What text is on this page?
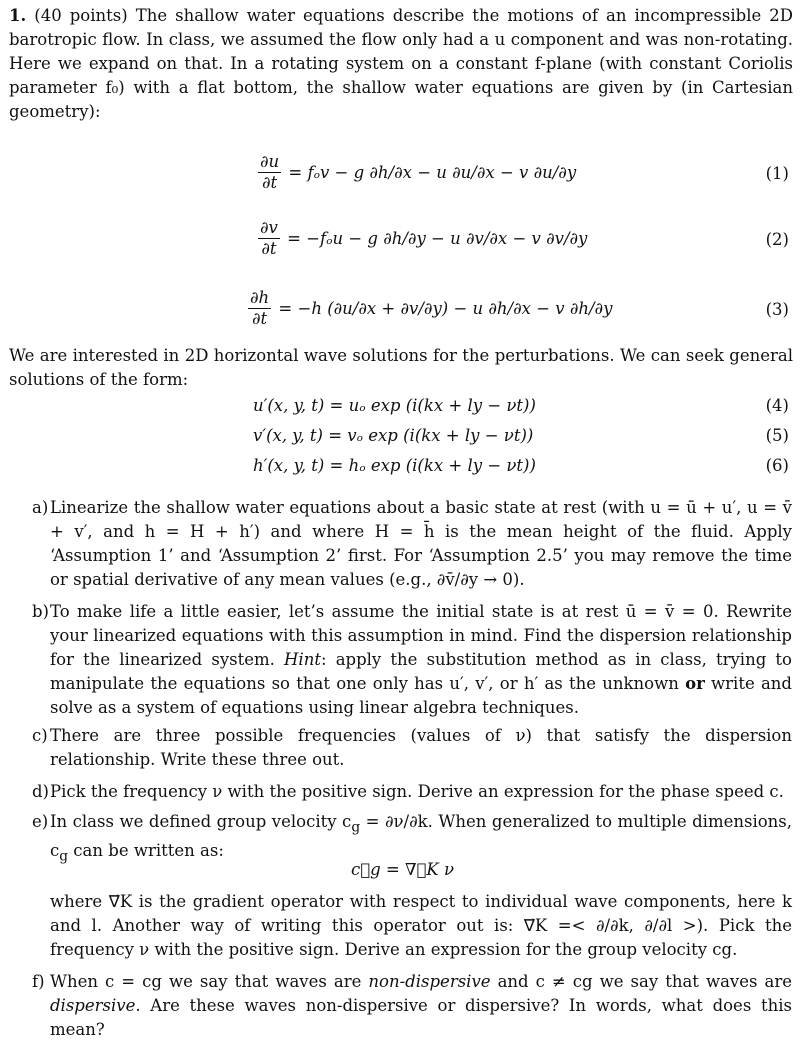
1. (40 points) The shallow water equations describe the motions of an incompressible 2D barotropic flow. In class, we assumed the flow only had a u component and was non-rotating. Here we expand on that. In a rotating system on a constant f-plane (with constant Coriolis parameter f₀) with a flat bottom, the shallow water equations are given by (in Cartesian geometry):
$\frac{\partial u}{\partial t} = f_ov - g$ ∂h/∂x − u ∂u/∂x − v ∂u/∂y	(1)
$\frac{\partial v}{\partial t} = -f_ou - g$ ∂h/∂y − u ∂v/∂x − v ∂v/∂y	(2)
$\frac{\partial h}{\partial t} = -h$ (∂u/∂x + ∂v/∂y) − u ∂h/∂x − v ∂h/∂y	(3)
We are interested in 2D horizontal wave solutions for the perturbations. We can seek general solutions of the form:
u′(x, y, t) = uₒ exp (i(kx + ly − νt))	(4)
v′(x, y, t) = vₒ exp (i(kx + ly − νt))	(5)
h′(x, y, t) = hₒ exp (i(kx + ly − νt))	(6)
a) Linearize the shallow water equations about a basic state at rest (with u = ū + u′, u = v̄ + v′, and h = H + h′) and where H = h̄ is the mean height of the fluid. Apply ‘Assumption 1’ and ‘Assumption 2’ first. For ‘Assumption 2.5’ you may remove the time or spatial derivative of any mean values (e.g., ∂v̄/∂y → 0).
b) To make life a little easier, let’s assume the initial state is at rest ū = v̄ = 0. Rewrite your linearized equations with this assumption in mind. Find the dispersion relationship for the linearized system. Hint: apply the substitution method as in class, trying to manipulate the equations so that one only has u′, v′, or h′ as the unknown or write and solve as a system of equations using linear algebra techniques.
c) There are three possible frequencies (values of ν) that satisfy the dispersion relationship. Write these three out.
d) Pick the frequency ν with the positive sign. Derive an expression for the phase speed c.
e) In class we defined group velocity $c_g = \partial\nu/\partial k$. When generalized to multiple dimensions, $c_g$ can be written as:
c⃗g = ∇⃗K ν
where ∇⃗K is the gradient operator with respect to individual wave components, here k and l. Another way of writing this operator out is: ∇⃗K =< ∂/∂k, ∂/∂l >). Pick the frequency ν with the positive sign. Derive an expression for the group velocity cg.
f) When c = cg we say that waves are non-dispersive and c ≠ cg we say that waves are dispersive. Are these waves non-dispersive or dispersive? In words, what does this mean?
